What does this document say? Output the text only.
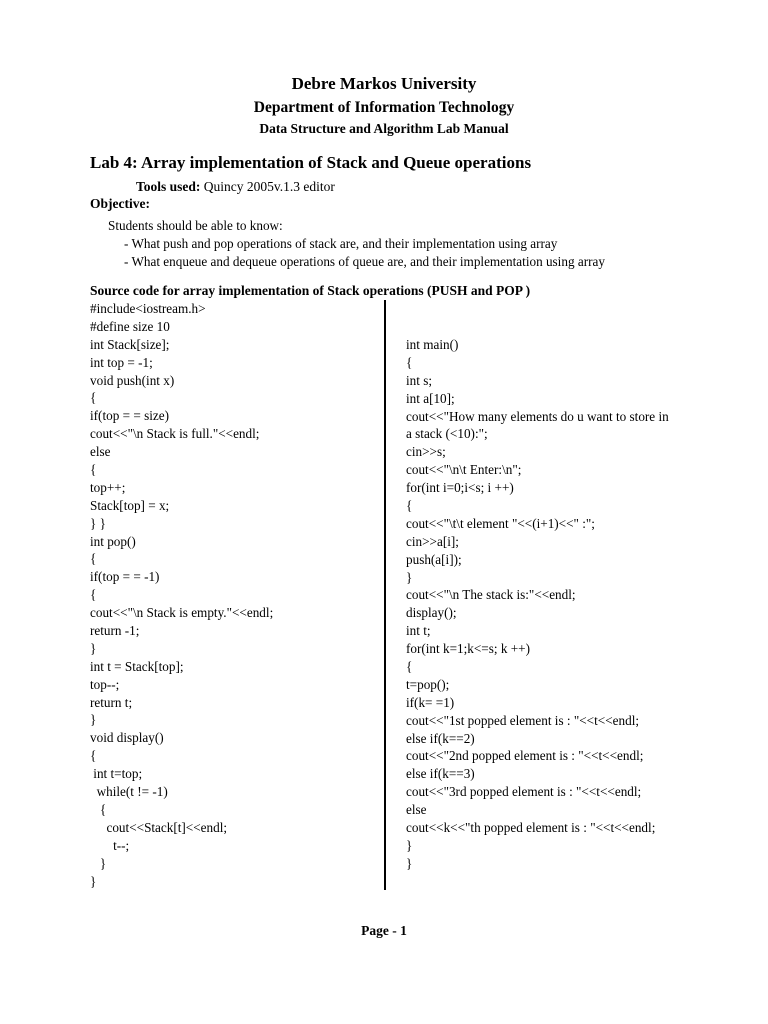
Debre Markos University
Department of Information Technology
Data Structure and Algorithm Lab Manual
Lab 4: Array implementation of Stack and Queue operations
Tools used: Quincy 2005v.1.3 editor
Objective:
Students should be able to know:
- What push and pop operations of stack are, and their implementation using array
- What enqueue and dequeue operations of queue are, and their implementation using array
Source code for array implementation of Stack operations (PUSH and POP )
#include<iostream.h>
#define size 10
int Stack[size];
int top = -1;
void push(int x)
{
if(top = = size)
cout<<"\n Stack is full."<<endl;
else
{
top++;
Stack[top] = x;
} }
int pop()
{
if(top = = -1)
{
cout<<"\n Stack is empty."<<endl;
return -1;
}
int t = Stack[top];
top--;
return t;
}
void display()
{
int t=top;
while(t != -1)
{
cout<<Stack[t]<<endl;
t--;
}
}
int main()
{
int s;
int a[10];
cout<<"How many elements do u want to store in
a stack (<10):";
cin>>s;
cout<<"\n\t Enter:\n";
for(int i=0;i<s; i ++)
{
cout<<"\t\t element "<<(i+1)<<" :";
cin>>a[i];
push(a[i]);
}
cout<<"\n The stack is:"<<endl;
display();
int t;
for(int k=1;k<=s; k ++)
{
t=pop();
if(k= =1)
cout<<"1st popped element is : "<<t<<endl;
else if(k==2)
cout<<"2nd popped element is : "<<t<<endl;
else if(k==3)
cout<<"3rd popped element is : "<<t<<endl;
else
cout<<k<<"th popped element is : "<<t<<endl;
}
}
Page - 1
